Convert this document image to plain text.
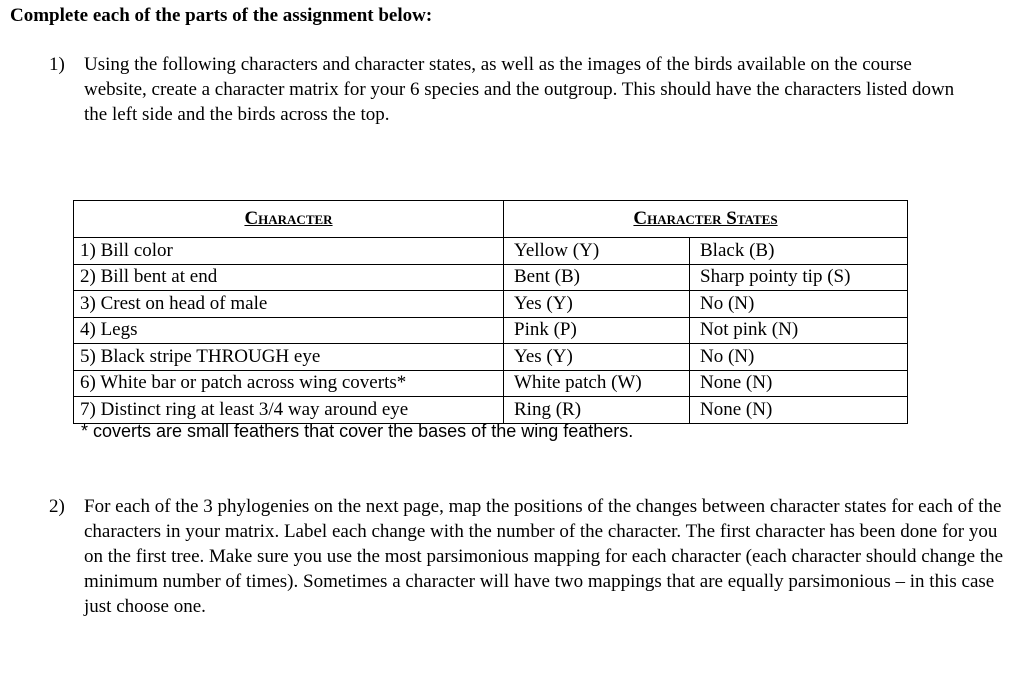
Complete each of the parts of the assignment below:
1) Using the following characters and character states, as well as the images of the birds available on the course website, create a character matrix for your 6 species and the outgroup. This should have the characters listed down the left side and the birds across the top.
Character	Character States	
1) Bill color	Yellow (Y)	Black (B)
2) Bill bent at end	Bent (B)	Sharp pointy tip (S)
3) Crest on head of male	Yes (Y)	No (N)
4) Legs	Pink (P)	Not pink (N)
5) Black stripe THROUGH eye	Yes (Y)	No (N)
6) White bar or patch across wing coverts*	White patch (W)	None (N)
7) Distinct ring at least 3/4 way around eye	Ring (R)	None (N)
* coverts are small feathers that cover the bases of the wing feathers.
2) For each of the 3 phylogenies on the next page, map the positions of the changes between character states for each of the characters in your matrix. Label each change with the number of the character. The first character has been done for you on the first tree. Make sure you use the most parsimonious mapping for each character (each character should change the minimum number of times). Sometimes a character will have two mappings that are equally parsimonious – in this case just choose one.
